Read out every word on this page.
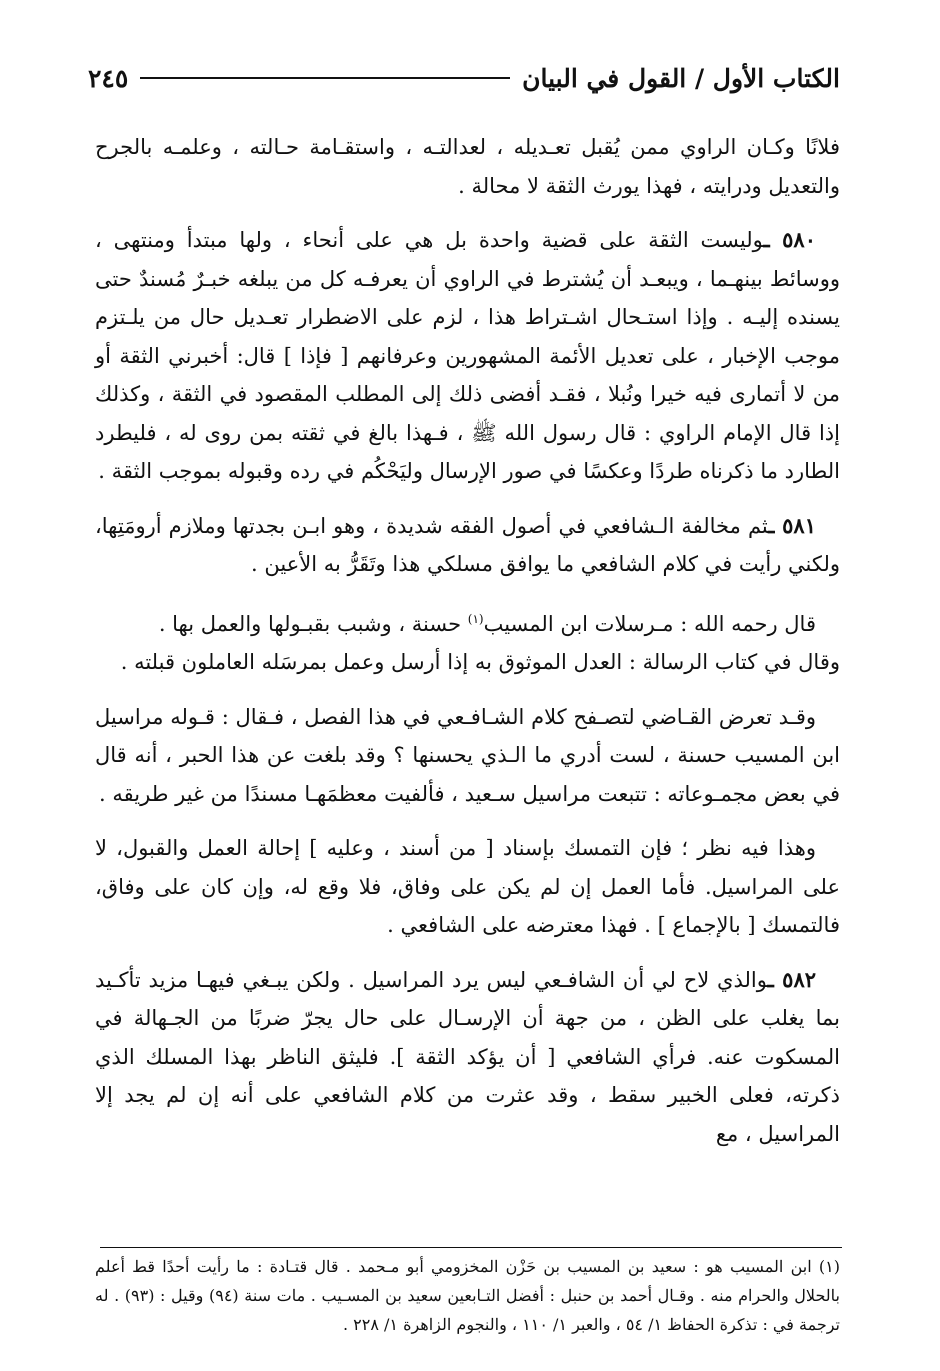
الكتاب الأول / القول في البيان
٢٤٥

فلانًا وكـان الراوي ممن يُقبل تعـديله ، لعدالتـه ، واستقـامة حـالته ، وعلمـه بالجرح والتعديل ودرايته ، فهذا يورث الثقة لا محالة .

٥٨٠ ـوليست الثقة على قضية واحدة بل هي على أنحاء ، ولها مبتدأ ومنتهى ، ووسائط بينهـما ، ويبعـد أن يُشترط في الراوي أن يعرفـه كل من يبلغه خبـرٌ مُسندٌ حتى يسنده إليـه . وإذا استـحال اشـتراط هذا ، لزم على الاضطرار تعـديل حال من يلـتزم موجب الإخبار ، على تعديل الأئمة المشهورين وعرفانهم [ فإذا ] قال: أخبرني الثقة أو من لا أتمارى فيه خيرا ونُبلا ، فقـد أفضى ذلك إلى المطلب المقصود في الثقة ، وكذلك إذا قال الإمام الراوي : قال رسول الله ﷺ ، فـهذا بالغ في ثقته بمن روى له ، فليطرد الطارد ما ذكرناه طردًا وعكسًا في صور الإرسال وليَحْكُم في رده وقبوله بموجب الثقة .

٥٨١ ـثم مخالفة الـشافعي في أصول الفقه شديدة ، وهو ابـن بجدتها وملازم أرومَتِها، ولكني رأيت في كلام الشافعي ما يوافق مسلكي هذا وتَقَرُّ به الأعين .

قال رحمه الله : مـرسلات ابن المسيب$^{(١)}$ حسنة ، وشبب بقبـولها والعمل بها .

وقال في كتاب الرسالة : العدل الموثوق به إذا أرسل وعمل بمرسَله العاملون قبلته .

وقـد تعرض القـاضي لتصـفح كلام الشـافـعي في هذا الفصل ، فـقال : قـوله مراسيل ابن المسيب حسنة ، لست أدري ما الـذي يحسنها ؟ وقد بلغت عن هذا الحبر ، أنه قال في بعض مجمـوعاته : تتبعت مراسيل سـعيد ، فألفيت معظمَهـا مسندًا من غير طريقه .

وهذا فيه نظر ؛ فإن التمسك بإسناد [ من أسند ، وعليه ] إحالة العمل والقبول، لا على المراسيل. فأما العمل إن لم يكن على وفاق، فلا وقع له، وإن كان على وفاق، فالتمسك [ بالإجماع ] . فهذا معترضه على الشافعي .

٥٨٢ ـوالذي لاح لي أن الشافـعي ليس يرد المراسيل . ولكن يبـغي فيهـا مزيد تأكـيد بما يغلب على الظن ، من جهة أن الإرسـال على حال يجرّ ضربًا من الجـهالة في المسكوت عنه. فرأي الشافعي [ أن يؤكد الثقة ]. فليثق الناظر بهذا المسلك الذي ذكرته، فعلى الخبير سقط ، وقد عثرت من كلام الشافعي على أنه إن لم يجد إلا المراسيل ، مع

(١) ابن المسيب هو : سعيد بن المسيب بن حَزْن المخزومي أبو مـحمد . قال قتـادة : ما رأيت أحدًا قط أعلم بالحلال والحرام منه . وقـال أحمد بن حنبل : أفضل التـابعين سعيد بن المسـيب . مات سنة (٩٤) وقيل : (٩٣) . له ترجمة في : تذكرة الحفاظ ١/ ٥٤ ، والعبر ١/ ١١٠ ، والنجوم الزاهرة ١/ ٢٢٨ .
